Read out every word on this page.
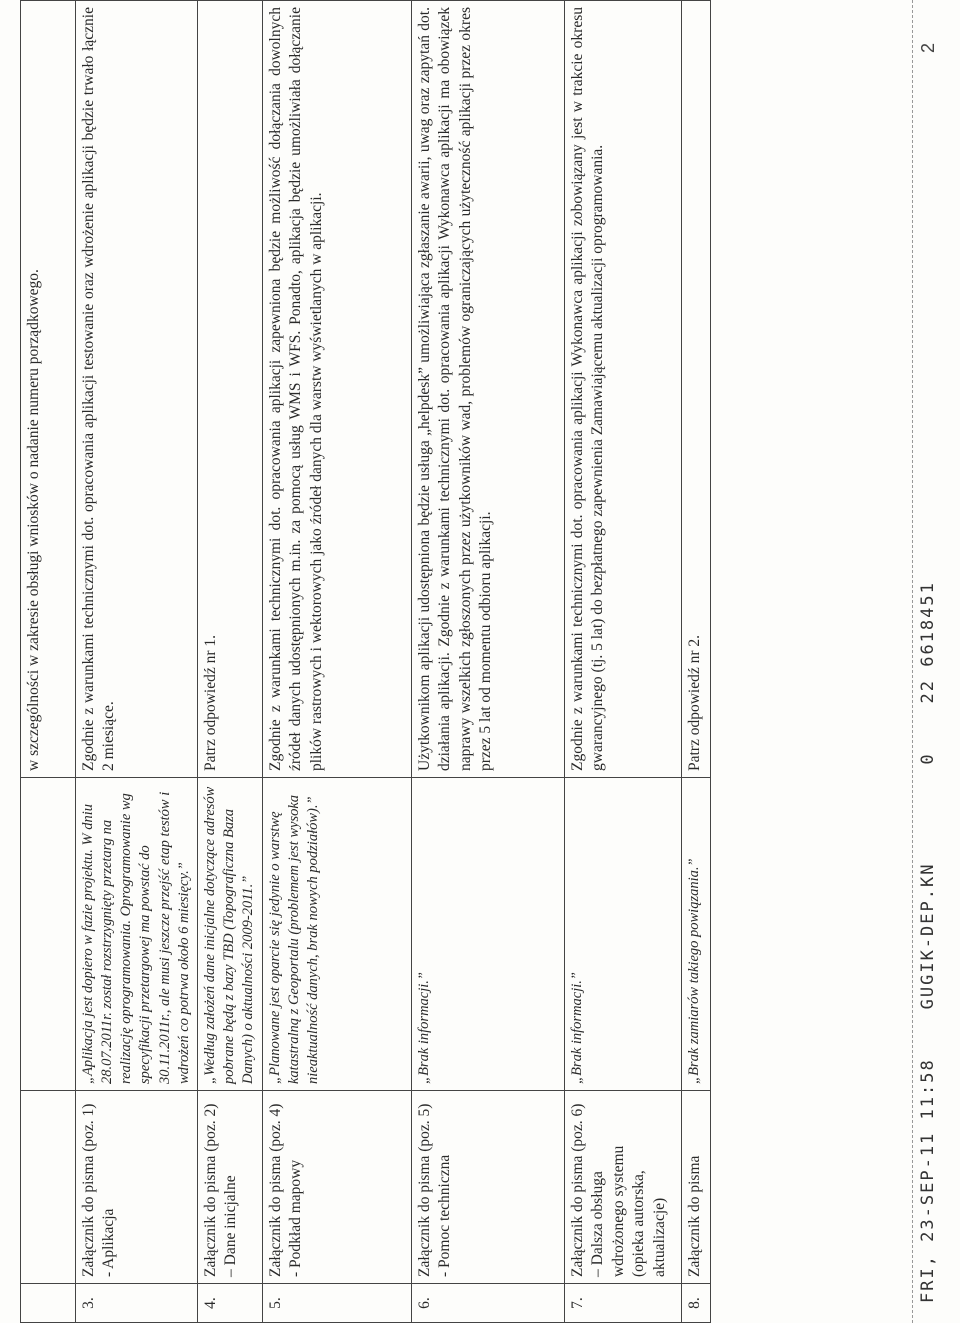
			w szczególności w zakresie obsługi wniosków o nadanie numeru porządkowego.
3.	Załącznik do pisma (poz. 1) - Aplikacja	„Aplikacja jest dopiero w fazie projektu. W dniu 28.07.2011r. został rozstrzygnięty przetarg na realizację oprogramowania. Oprogramowanie wg specyfikacji przetargowej ma powstać do 30.11.2011r., ale musi jeszcze przejść etap testów i wdrożeń co potrwa około 6 miesięcy.”	Zgodnie z warunkami technicznymi dot. opracowania aplikacji testowanie oraz wdrożenie aplikacji będzie trwało łącznie 2 miesiące.
4.	Załącznik do pisma (poz. 2) – Dane inicjalne	„Według założeń dane inicjalne dotyczące adresów pobrane będą z bazy TBD (Topograficzna Baza Danych) o aktualności 2009-2011.”	Patrz odpowiedź nr 1.
5.	Załącznik do pisma (poz. 4) - Podkład mapowy	„Planowane jest oparcie się jedynie o warstwę katastralną z Geoportalu (problemem jest wysoka nieaktualność danych, brak nowych podziałów).”	Zgodnie z warunkami technicznymi dot. opracowania aplikacji zapewniona będzie możliwość dołączania dowolnych źródeł danych udostępnionych m.in. za pomocą usług WMS i WFS. Ponadto, aplikacja będzie umożliwiała dołączanie plików rastrowych i wektorowych jako źródeł danych dla warstw wyświetlanych w aplikacji.
6.	Załącznik do pisma (poz. 5) - Pomoc techniczna	„Brak informacji.”	Użytkownikom aplikacji udostępniona będzie usługa „helpdesk” umożliwiająca zgłaszanie awarii, uwag oraz zapytań dot. działania aplikacji. Zgodnie z warunkami technicznymi dot. opracowania aplikacji Wykonawca aplikacji ma obowiązek naprawy wszelkich zgłoszonych przez użytkowników wad, problemów ograniczających użyteczność aplikacji przez okres przez 5 lat od momentu odbioru aplikacji.
7.	Załącznik do pisma (poz. 6) – Dalsza obsługa wdrożonego systemu (opieka autorska, aktualizacje)	„Brak informacji.”	Zgodnie z warunkami technicznymi dot. opracowania aplikacji Wykonawca aplikacji zobowiązany jest w trakcie okresu gwarancyjnego (tj. 5 lat) do bezpłatnego zapewnienia Zamawiającemu aktualizacji oprogramowania.
8.	Załącznik do pisma	„Brak zamiarów takiego powiązania.”	Patrz odpowiedź nr 2.	FRI, 23-SEP-11 11:58    GUGIK-DEP.KN        0    22 6618451
2
